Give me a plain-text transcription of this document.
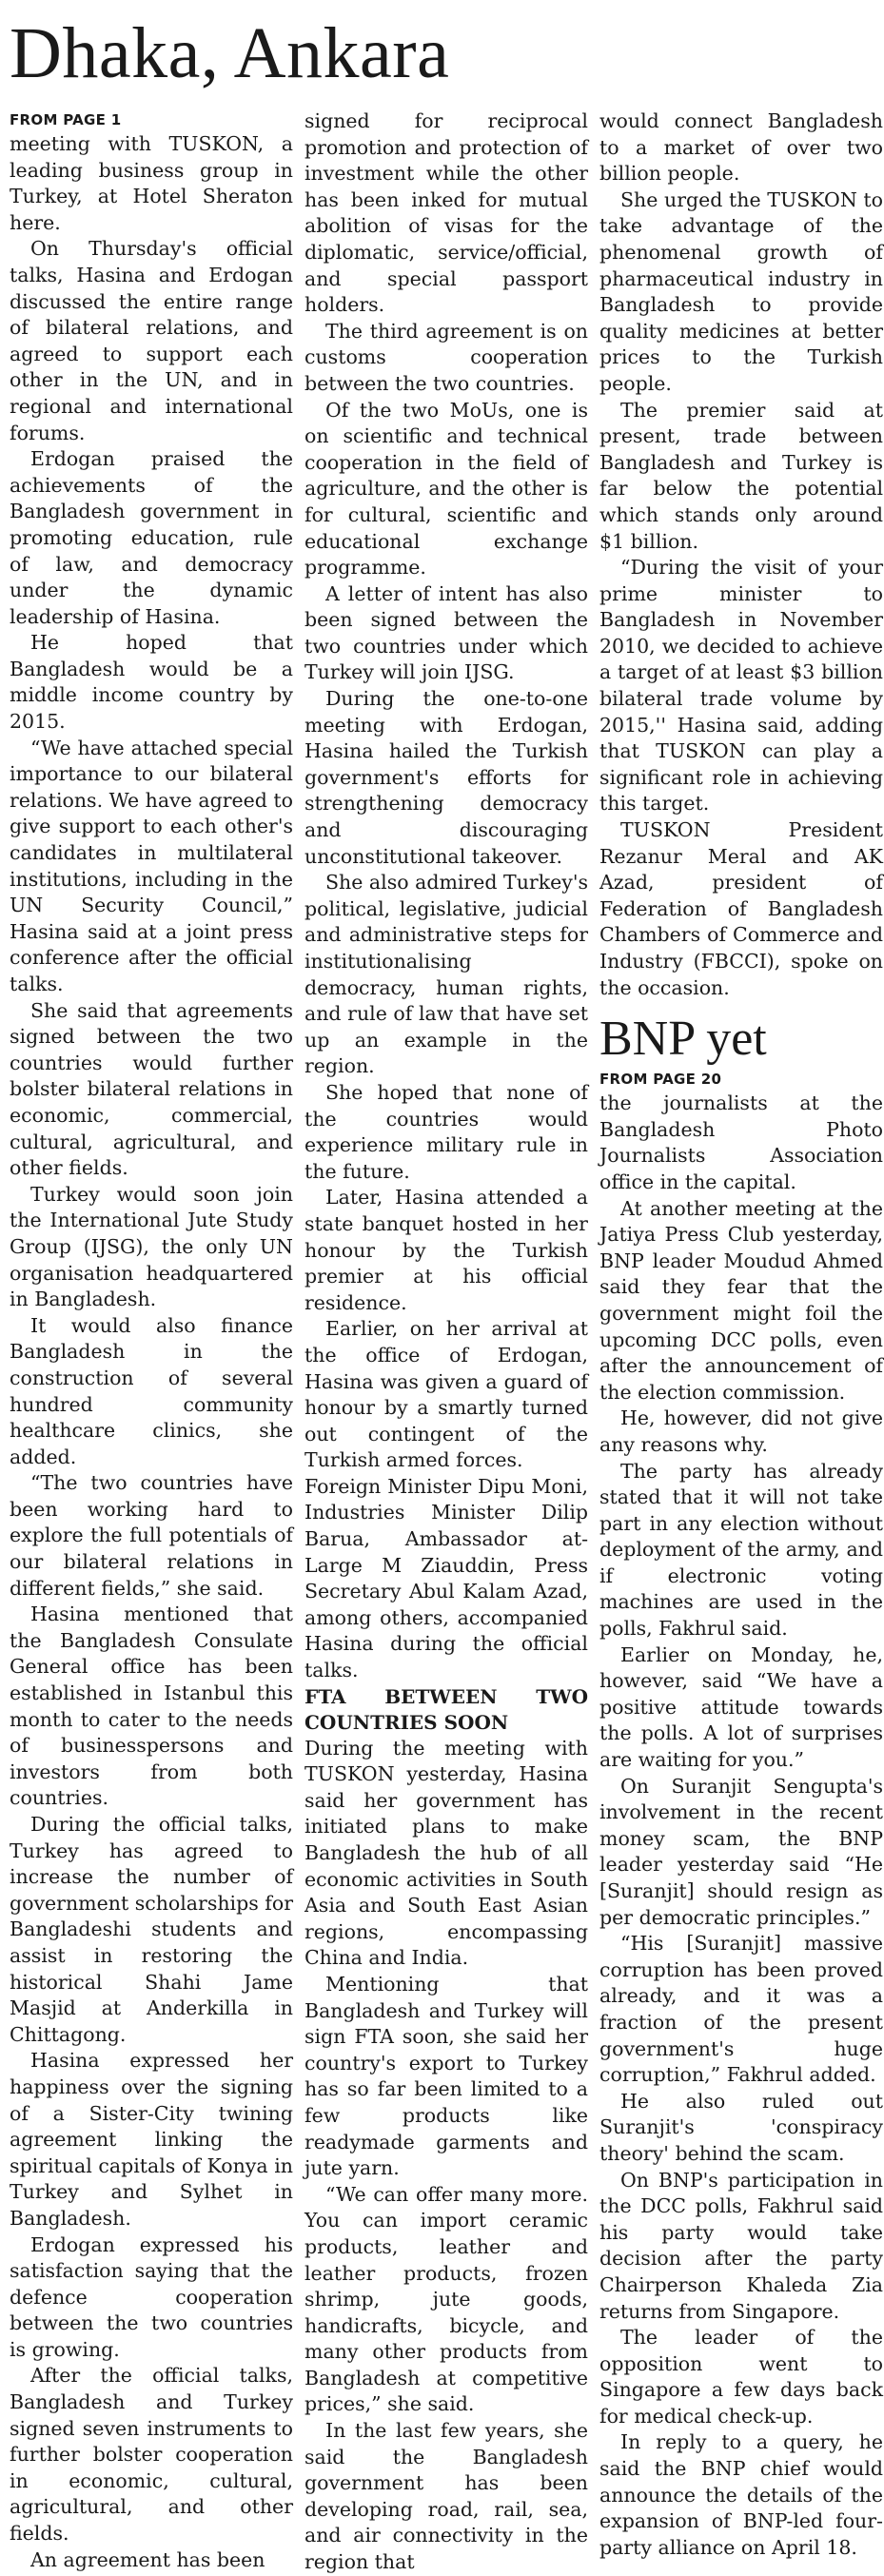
Dhaka, Ankara
FROM PAGE 1

meeting with TUSKON, a leading business group in Turkey, at Hotel Sheraton here.

On Thursday's official talks, Hasina and Erdogan discussed the entire range of bilateral relations, and agreed to support each other in the UN, and in regional and international forums.

Erdogan praised the achievements of the Bangladesh government in promoting education, rule of law, and democracy under the dynamic leadership of Hasina.

He hoped that Bangladesh would be a middle income country by 2015.

“We have attached special importance to our bilateral relations. We have agreed to give support to each other's candidates in multilateral institutions, including in the UN Security Council,” Hasina said at a joint press conference after the official talks.

She said that agreements signed between the two countries would further bolster bilateral relations in economic, commercial, cultural, agricultural, and other fields.

Turkey would soon join the International Jute Study Group (IJSG), the only UN organisation headquartered in Bangladesh.

It would also finance Bangladesh in the construction of several hundred community healthcare clinics, she added.

“The two countries have been working hard to explore the full potentials of our bilateral relations in different fields,” she said.

Hasina mentioned that the Bangladesh Consulate General office has been established in Istanbul this month to cater to the needs of businesspersons and investors from both countries.

During the official talks, Turkey has agreed to increase the number of government scholarships for Bangladeshi students and assist in restoring the historical Shahi Jame Masjid at Anderkilla in Chittagong.

Hasina expressed her happiness over the signing of a Sister-City twining agreement linking the spiritual capitals of Konya in Turkey and Sylhet in Bangladesh.

Erdogan expressed his satisfaction saying that the defence cooperation between the two countries is growing.

After the official talks, Bangladesh and Turkey signed seven instruments to further bolster cooperation in economic, cultural, agricultural, and other fields.

An agreement has been

signed for reciprocal promotion and protection of investment while the other has been inked for mutual abolition of visas for the diplomatic, service/official, and special passport holders.

The third agreement is on customs cooperation between the two countries.

Of the two MoUs, one is on scientific and technical cooperation in the field of agriculture, and the other is for cultural, scientific and educational exchange programme.

A letter of intent has also been signed between the two countries under which Turkey will join IJSG.

During the one-to-one meeting with Erdogan, Hasina hailed the Turkish government's efforts for strengthening democracy and discouraging unconstitutional takeover.

She also admired Turkey's political, legislative, judicial and administrative steps for institutionalising democracy, human rights, and rule of law that have set up an example in the region.

She hoped that none of the countries would experience military rule in the future.

Later, Hasina attended a state banquet hosted in her honour by the Turkish premier at his official residence.

Earlier, on her arrival at the office of Erdogan, Hasina was given a guard of honour by a smartly turned out contingent of the Turkish armed forces.

Foreign Minister Dipu Moni, Industries Minister Dilip Barua, Ambassador at-Large M Ziauddin, Press Secretary Abul Kalam Azad, among others, accompanied Hasina during the official talks.

FTA BETWEEN TWO COUNTRIES SOON

During the meeting with TUSKON yesterday, Hasina said her government has initiated plans to make Bangladesh the hub of all economic activities in South Asia and South East Asian regions, encompassing China and India.

Mentioning that Bangladesh and Turkey will sign FTA soon, she said her country's export to Turkey has so far been limited to a few products like readymade garments and jute yarn.

“We can offer many more. You can import ceramic products, leather and leather products, frozen shrimp, jute goods, handicrafts, bicycle, and many other products from Bangladesh at competitive prices,” she said.

In the last few years, she said the Bangladesh government has been developing road, rail, sea, and air connectivity in the region that

would connect Bangladesh to a market of over two billion people.

She urged the TUSKON to take advantage of the phenomenal growth of pharmaceutical industry in Bangladesh to provide quality medicines at better prices to the Turkish people.

The premier said at present, trade between Bangladesh and Turkey is far below the potential which stands only around $1 billion.

“During the visit of your prime minister to Bangladesh in November 2010, we decided to achieve a target of at least $3 billion bilateral trade volume by 2015,'' Hasina said, adding that TUSKON can play a significant role in achieving this target.

TUSKON President Rezanur Meral and AK Azad, president of Federation of Bangladesh Chambers of Commerce and Industry (FBCCI), spoke on the occasion.

BNP yet
FROM PAGE 20

the journalists at the Bangladesh Photo Journalists Association office in the capital.

At another meeting at the Jatiya Press Club yesterday, BNP leader Moudud Ahmed said they fear that the government might foil the upcoming DCC polls, even after the announcement of the election commission.

He, however, did not give any reasons why.

The party has already stated that it will not take part in any election without deployment of the army, and if electronic voting machines are used in the polls, Fakhrul said.

Earlier on Monday, he, however, said “We have a positive attitude towards the polls. A lot of surprises are waiting for you.”

On Suranjit Sengupta's involvement in the recent money scam, the BNP leader yesterday said “He [Suranjit] should resign as per democratic principles.”

“His [Suranjit] massive corruption has been proved already, and it was a fraction of the present government's huge corruption,” Fakhrul added.

He also ruled out Suranjit's 'conspiracy theory' behind the scam.

On BNP's participation in the DCC polls, Fakhrul said his party would take decision after the party Chairperson Khaleda Zia returns from Singapore.

The leader of the opposition went to Singapore a few days back for medical check-up.

In reply to a query, he said the BNP chief would announce the details of the expansion of BNP-led four-party alliance on April 18.
